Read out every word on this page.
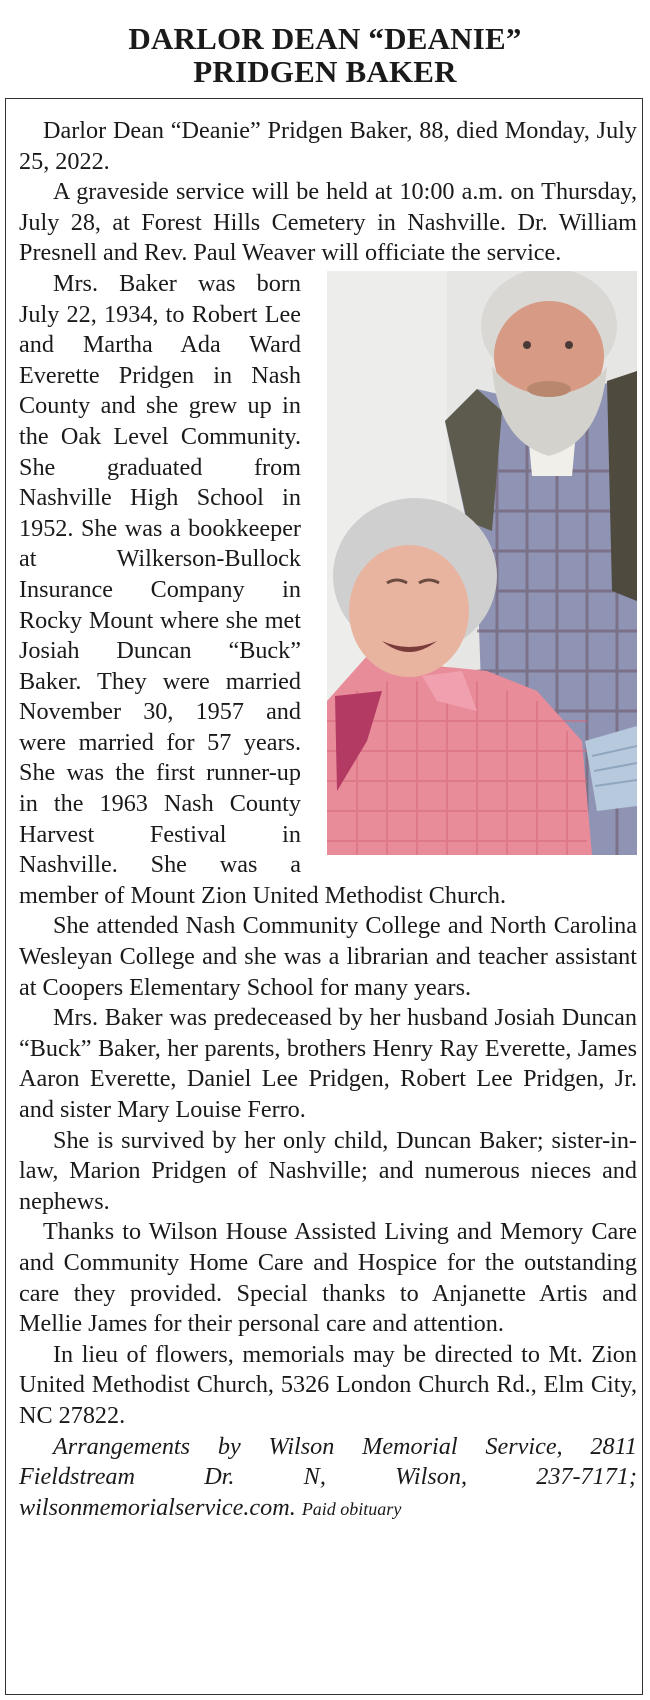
DARLOR DEAN “DEANIE”
PRIDGEN BAKER

Darlor Dean “Deanie” Pridgen Baker, 88, died Monday, July 25, 2022.

A graveside service will be held at 10:00 a.m. on Thursday, July 28, at Forest Hills Cemetery in Nashville. Dr. William Presnell and Rev. Paul Weaver will officiate the service.

Mrs. Baker was born July 22, 1934, to Robert Lee and Martha Ada Ward Everette Pridgen in Nash County and she grew up in the Oak Level Community. She graduated from Nashville High School in 1952. She was a bookkeeper at Wilkerson-Bullock Insurance Company in Rocky Mount where she met Josiah Duncan “Buck” Baker. They were married November 30, 1957 and were married for 57 years. She was the first runner-up in the 1963 Nash County Harvest Festival in Nashville. She was a member of Mount Zion United Methodist Church.

She attended Nash Community College and North Carolina Wesleyan College and she was a librarian and teacher assistant at Coopers Elementary School for many years.

Mrs. Baker was predeceased by her husband Josiah Duncan “Buck” Baker, her parents, brothers Henry Ray Everette, James Aaron Everette, Daniel Lee Pridgen, Robert Lee Pridgen, Jr. and sister Mary Louise Ferro.

She is survived by her only child, Duncan Baker; sister-in-law, Marion Pridgen of Nashville; and numerous nieces and nephews.

Thanks to Wilson House Assisted Living and Memory Care and Community Home Care and Hospice for the outstanding care they provided. Special thanks to Anjanette Artis and Mellie James for their personal care and attention.

In lieu of flowers, memorials may be directed to Mt. Zion United Methodist Church, 5326 London Church Rd., Elm City, NC 27822.

Arrangements by Wilson Memorial Service, 2811 Fieldstream Dr. N, Wilson, 237-7171; wilsonmemorialservice.com. Paid obituary
